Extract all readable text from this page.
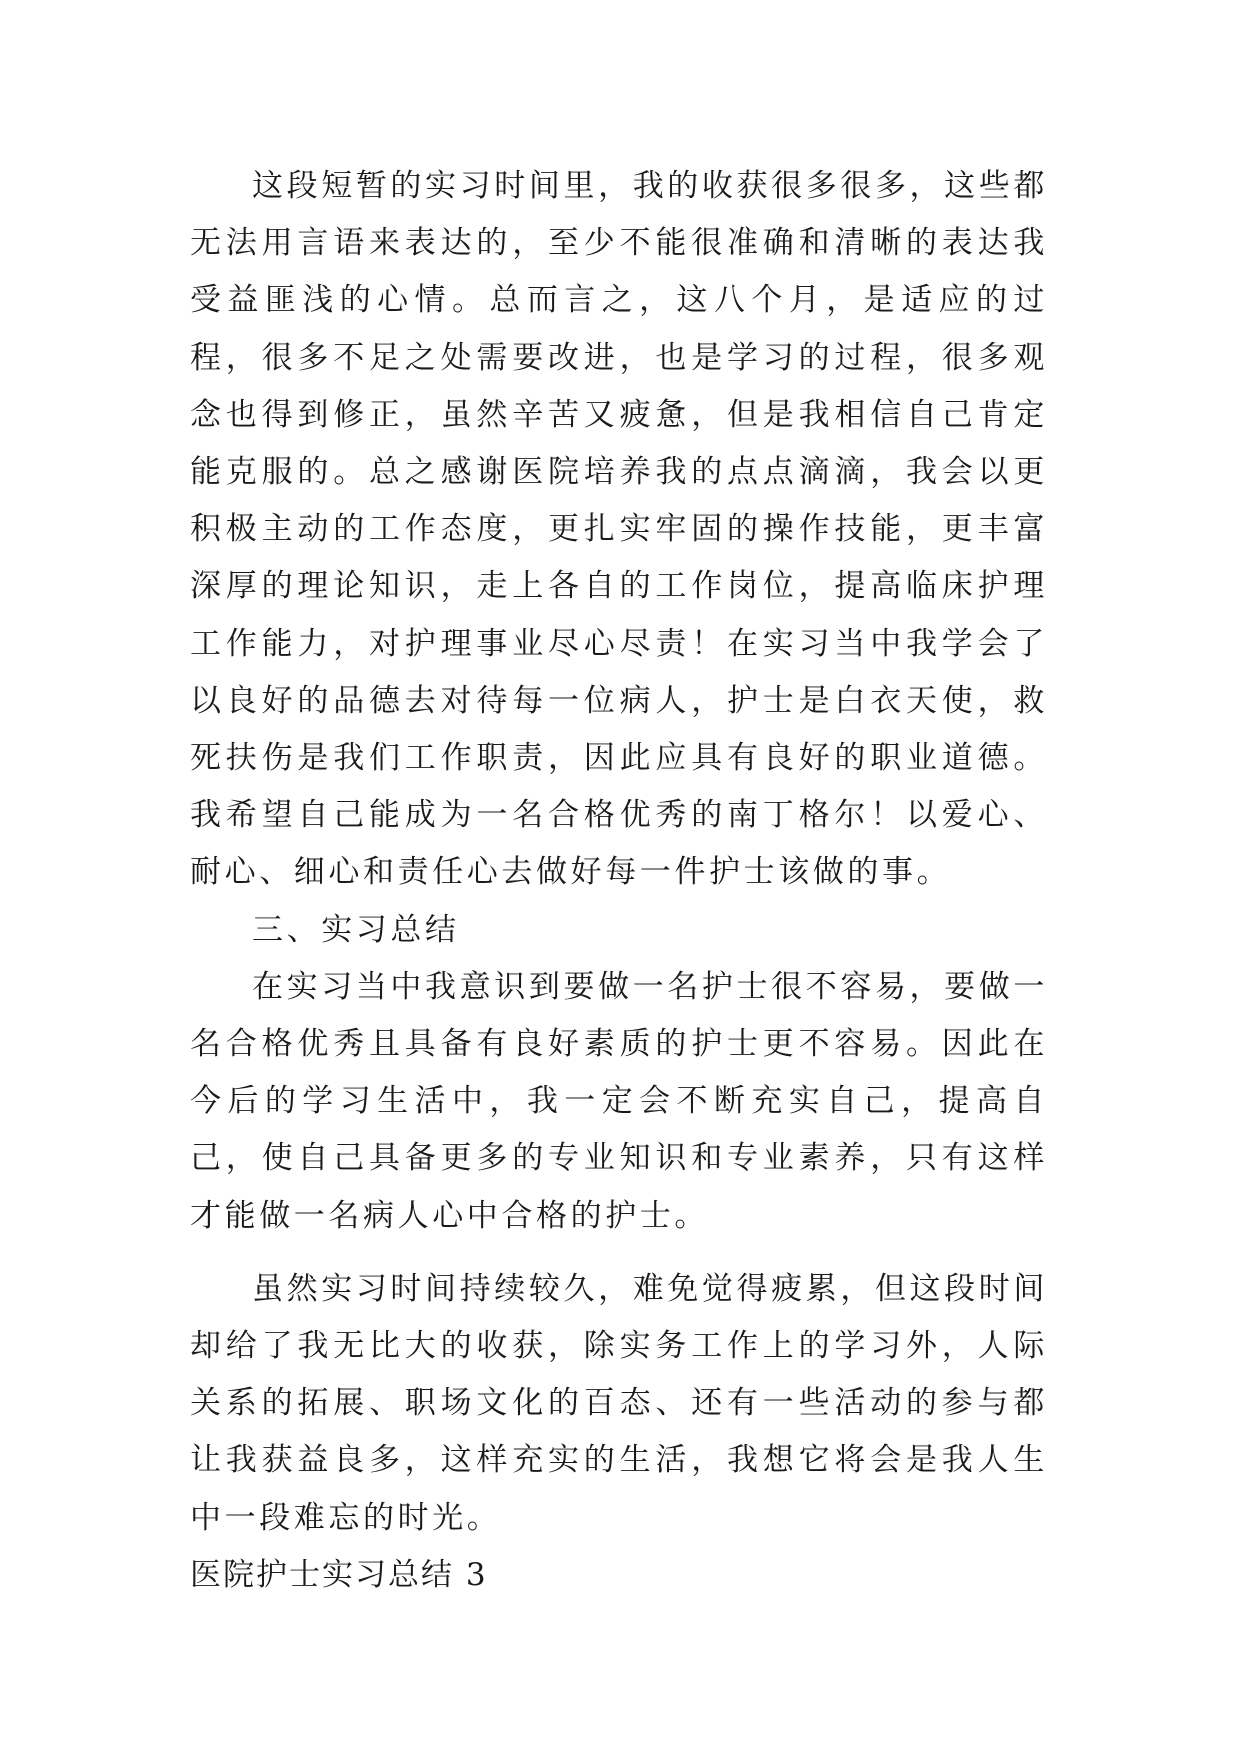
这段短暂的实习时间里，我的收获很多很多，这些都无法用言语来表达的，至少不能很准确和清晰的表达我受益匪浅的心情。总而言之，这八个月，是适应的过程，很多不足之处需要改进，也是学习的过程，很多观念也得到修正，虽然辛苦又疲惫，但是我相信自己肯定能克服的。总之感谢医院培养我的点点滴滴，我会以更积极主动的工作态度，更扎实牢固的操作技能，更丰富深厚的理论知识，走上各自的工作岗位，提高临床护理工作能力，对护理事业尽心尽责！在实习当中我学会了以良好的品德去对待每一位病人，护士是白衣天使，救死扶伤是我们工作职责，因此应具有良好的职业道德。我希望自己能成为一名合格优秀的南丁格尔！以爱心、耐心、细心和责任心去做好每一件护士该做的事。

三、实习总结

在实习当中我意识到要做一名护士很不容易，要做一名合格优秀且具备有良好素质的护士更不容易。因此在今后的学习生活中，我一定会不断充实自己，提高自己，使自己具备更多的专业知识和专业素养，只有这样才能做一名病人心中合格的护士。

虽然实习时间持续较久，难免觉得疲累，但这段时间却给了我无比大的收获，除实务工作上的学习外，人际关系的拓展、职场文化的百态、还有一些活动的参与都让我获益良多，这样充实的生活，我想它将会是我人生中一段难忘的时光。

医院护士实习总结 3
